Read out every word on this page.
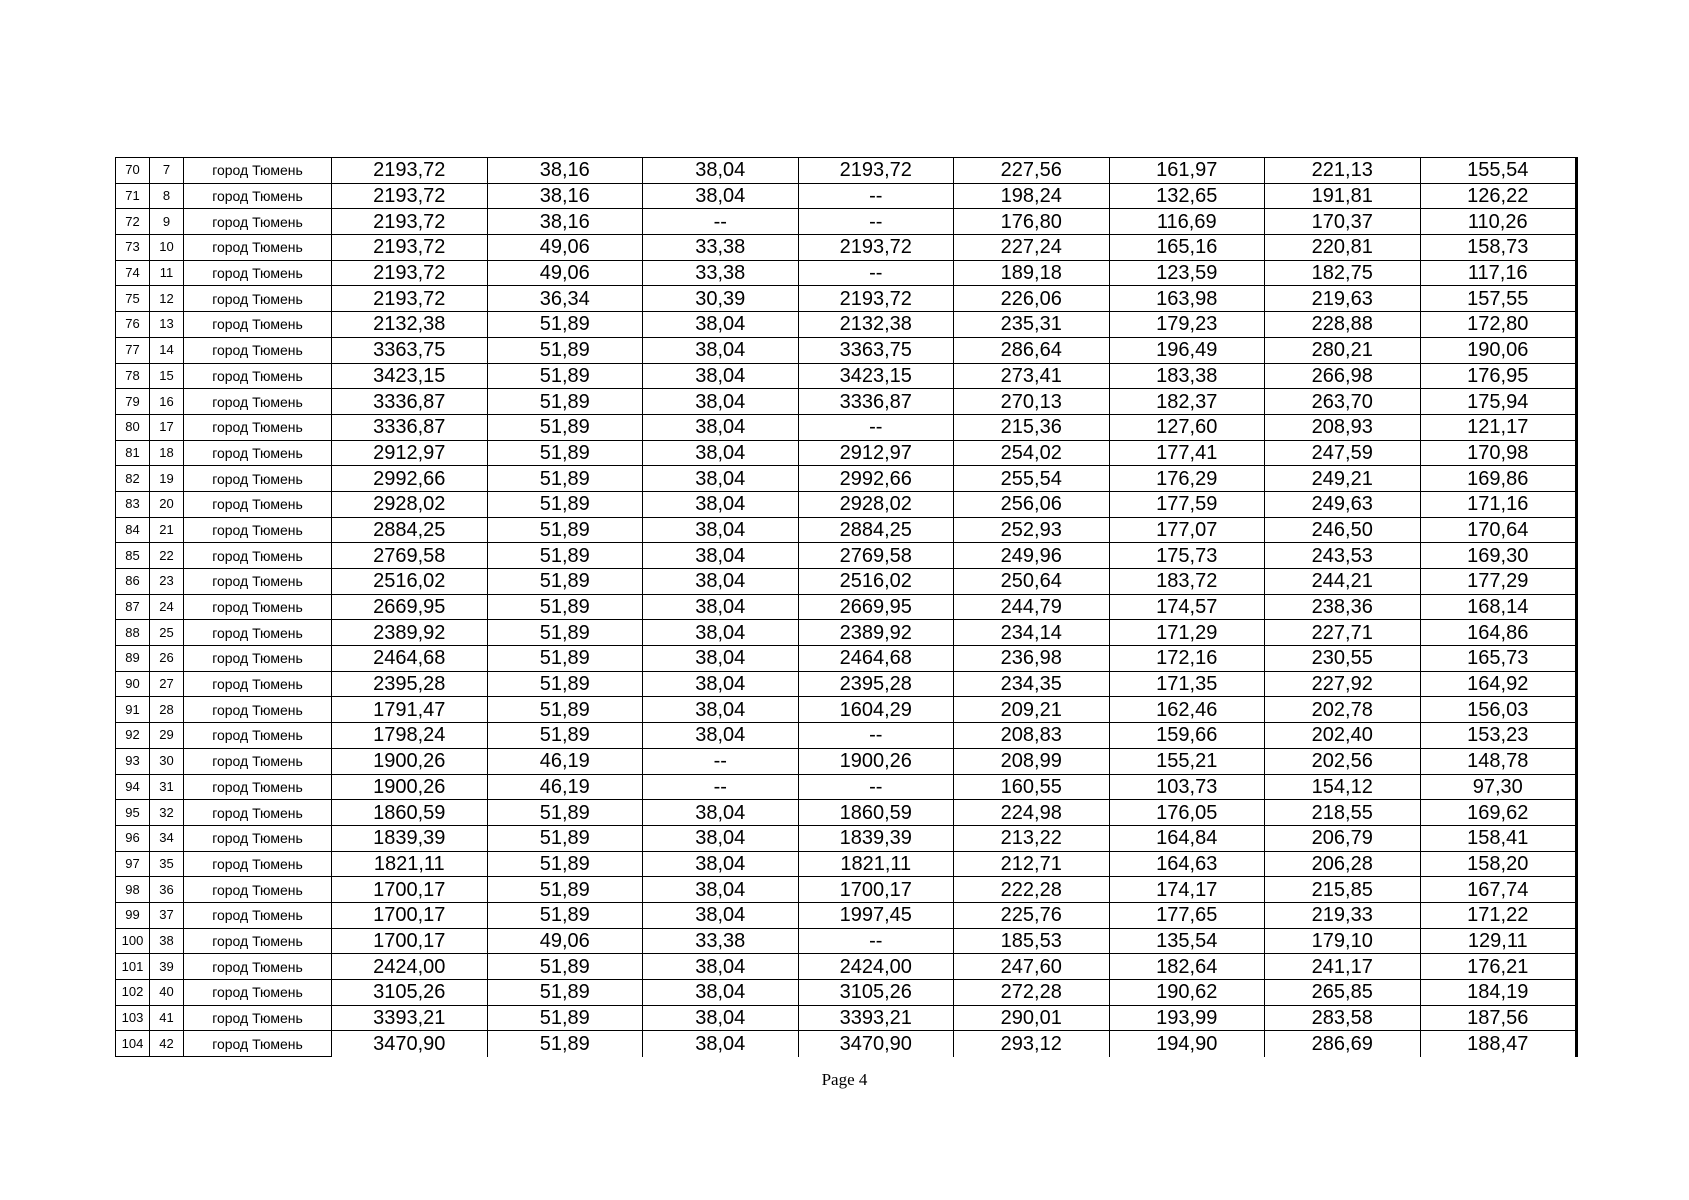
70	7	город Тюмень	2193,72	38,16	38,04	2193,72	227,56	161,97	221,13	155,54
71	8	город Тюмень	2193,72	38,16	38,04	--	198,24	132,65	191,81	126,22
72	9	город Тюмень	2193,72	38,16	--	--	176,80	116,69	170,37	110,26
73	10	город Тюмень	2193,72	49,06	33,38	2193,72	227,24	165,16	220,81	158,73
74	11	город Тюмень	2193,72	49,06	33,38	--	189,18	123,59	182,75	117,16
75	12	город Тюмень	2193,72	36,34	30,39	2193,72	226,06	163,98	219,63	157,55
76	13	город Тюмень	2132,38	51,89	38,04	2132,38	235,31	179,23	228,88	172,80
77	14	город Тюмень	3363,75	51,89	38,04	3363,75	286,64	196,49	280,21	190,06
78	15	город Тюмень	3423,15	51,89	38,04	3423,15	273,41	183,38	266,98	176,95
79	16	город Тюмень	3336,87	51,89	38,04	3336,87	270,13	182,37	263,70	175,94
80	17	город Тюмень	3336,87	51,89	38,04	--	215,36	127,60	208,93	121,17
81	18	город Тюмень	2912,97	51,89	38,04	2912,97	254,02	177,41	247,59	170,98
82	19	город Тюмень	2992,66	51,89	38,04	2992,66	255,54	176,29	249,21	169,86
83	20	город Тюмень	2928,02	51,89	38,04	2928,02	256,06	177,59	249,63	171,16
84	21	город Тюмень	2884,25	51,89	38,04	2884,25	252,93	177,07	246,50	170,64
85	22	город Тюмень	2769,58	51,89	38,04	2769,58	249,96	175,73	243,53	169,30
86	23	город Тюмень	2516,02	51,89	38,04	2516,02	250,64	183,72	244,21	177,29
87	24	город Тюмень	2669,95	51,89	38,04	2669,95	244,79	174,57	238,36	168,14
88	25	город Тюмень	2389,92	51,89	38,04	2389,92	234,14	171,29	227,71	164,86
89	26	город Тюмень	2464,68	51,89	38,04	2464,68	236,98	172,16	230,55	165,73
90	27	город Тюмень	2395,28	51,89	38,04	2395,28	234,35	171,35	227,92	164,92
91	28	город Тюмень	1791,47	51,89	38,04	1604,29	209,21	162,46	202,78	156,03
92	29	город Тюмень	1798,24	51,89	38,04	--	208,83	159,66	202,40	153,23
93	30	город Тюмень	1900,26	46,19	--	1900,26	208,99	155,21	202,56	148,78
94	31	город Тюмень	1900,26	46,19	--	--	160,55	103,73	154,12	97,30
95	32	город Тюмень	1860,59	51,89	38,04	1860,59	224,98	176,05	218,55	169,62
96	34	город Тюмень	1839,39	51,89	38,04	1839,39	213,22	164,84	206,79	158,41
97	35	город Тюмень	1821,11	51,89	38,04	1821,11	212,71	164,63	206,28	158,20
98	36	город Тюмень	1700,17	51,89	38,04	1700,17	222,28	174,17	215,85	167,74
99	37	город Тюмень	1700,17	51,89	38,04	1997,45	225,76	177,65	219,33	171,22
100	38	город Тюмень	1700,17	49,06	33,38	--	185,53	135,54	179,10	129,11
101	39	город Тюмень	2424,00	51,89	38,04	2424,00	247,60	182,64	241,17	176,21
102	40	город Тюмень	3105,26	51,89	38,04	3105,26	272,28	190,62	265,85	184,19
103	41	город Тюмень	3393,21	51,89	38,04	3393,21	290,01	193,99	283,58	187,56
104	42	город Тюмень	3470,90	51,89	38,04	3470,90	293,12	194,90	286,69	188,47
Page 4
